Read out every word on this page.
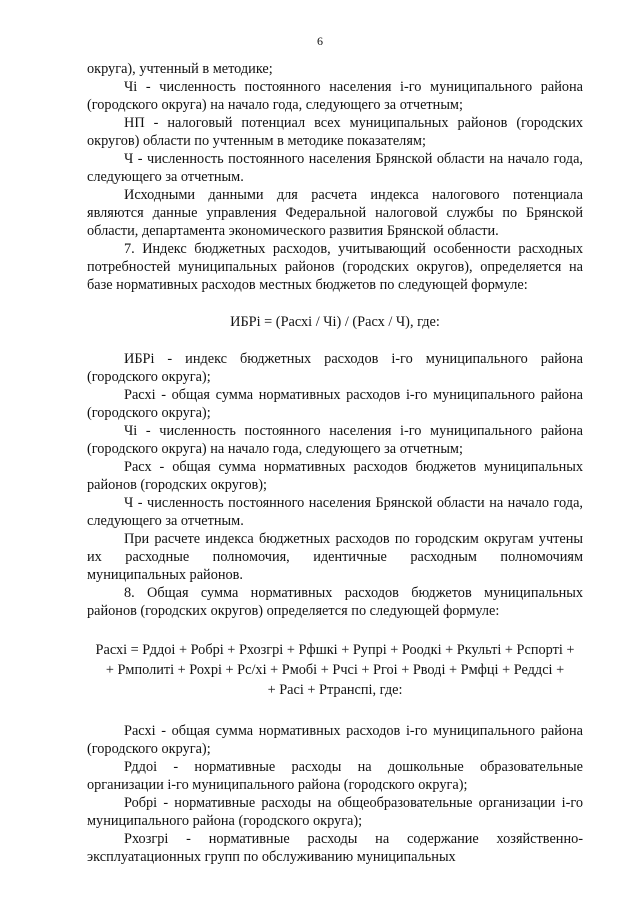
6

округа), учтенный в методике;

Чi - численность постоянного населения i-го муниципального района (городского округа) на начало года, следующего за отчетным;

НП - налоговый потенциал всех муниципальных районов (городских округов) области по учтенным в методике показателям;

Ч - численность постоянного населения Брянской области на начало года, следующего за отчетным.

Исходными данными для расчета индекса налогового потенциала являются данные управления Федеральной налоговой службы по Брянской области, департамента экономического развития Брянской области.

7. Индекс бюджетных расходов, учитывающий особенности расходных потребностей муниципальных районов (городских округов), определяется на базе нормативных расходов местных бюджетов по следующей формуле:

ИБРi = (Расхi / Чi) / (Расх / Ч), где:

ИБРi - индекс бюджетных расходов i-го муниципального района (городского округа);

Расхi - общая сумма нормативных расходов i-го муниципального района (городского округа);

Чi - численность постоянного населения i-го муниципального района (городского округа) на начало года, следующего за отчетным;

Расх - общая сумма нормативных расходов бюджетов муниципальных районов (городских округов);

Ч - численность постоянного населения Брянской области на начало года, следующего за отчетным.

При расчете индекса бюджетных расходов по городским округам учтены их расходные полномочия, идентичные расходным полномочиям муниципальных районов.

8. Общая сумма нормативных расходов бюджетов муниципальных районов (городских округов) определяется по следующей формуле:

Расхi = Рддоi + Робрi + Рхозгрi + Рфшкi + Рупрi + Роодкi + Ркультi + Рспортi +
+ Рмполитi + Рохрi + Рс/хi + Рмобi + Рчсi + Ргоi + Рводi + Рмфцi + Реддсi +
+ Расi + Ртранспi, где:

Расхi - общая сумма нормативных расходов i-го муниципального района (городского округа);

Рддоi - нормативные расходы на дошкольные образовательные организации i-го муниципального района (городского округа);

Робрi - нормативные расходы на общеобразовательные организации i-го муниципального района (городского округа);

Рхозгрi - нормативные расходы на содержание хозяйственно-эксплуатационных групп по обслуживанию муниципальных
